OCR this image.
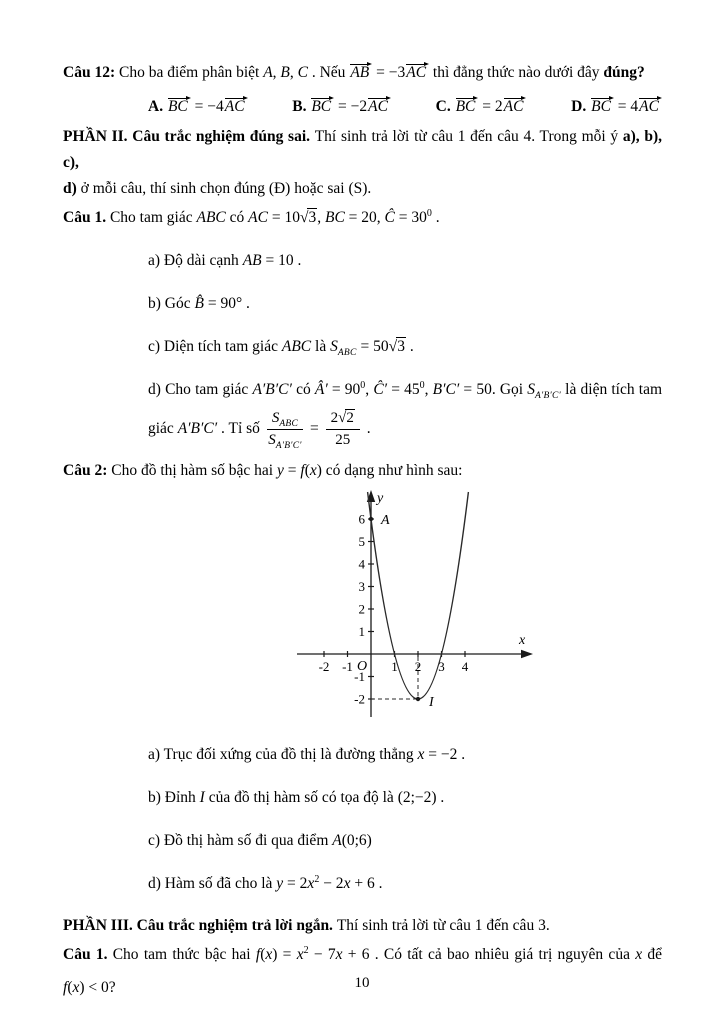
Câu 12: Cho ba điểm phân biệt A, B, C . Nếu AB = −3AC thì đẳng thức nào dưới đây đúng?

A. BC = −4AC	B. BC = −2AC	C. BC = 2AC	D. BC = 4AC

PHẦN II. Câu trắc nghiệm đúng sai. Thí sinh trả lời từ câu 1 đến câu 4. Trong mỗi ý a), b), c),

d) ở mỗi câu, thí sinh chọn đúng (Đ) hoặc sai (S).

Câu 1. Cho tam giác ABC có AC = 10√3, BC = 20, Ĉ = $30^0$ .

a) Độ dài cạnh AB = 10 .

b) Góc B̂ = 90° .

c) Diện tích tam giác ABC là $S_{ABC} = 50√3$ .

d) Cho tam giác A′B′C′ có Â′ = $90^0$, Ĉ′ = $45^0$, B′C′ = 50. Gọi $S_{A'B'C'}$ là diện tích tam

giác A′B′C′ . Tỉ số $\frac{S_{ABC}}{S_{A'B'C'}} = \frac{2√2}{25}$ .

Câu 2: Cho đồ thị hàm số bậc hai y = f(x) có dạng như hình sau:

y
x
A
I
O
-2 -1	1 2 3 4
6
5
4
3
2
1
-1
-2

a) Trục đối xứng của đồ thị là đường thẳng x = −2 .

b) Đỉnh I của đồ thị hàm số có tọa độ là (2;−2) .

c) Đồ thị hàm số đi qua điểm A(0;6)

d) Hàm số đã cho là $y = 2x^2 - 2x + 6$ .

PHẦN III. Câu trắc nghiệm trả lời ngắn. Thí sinh trả lời từ câu 1 đến câu 3.

Câu 1. Cho tam thức bậc hai $f(x) = x^2 - 7x + 6$ . Có tất cả bao nhiêu giá trị nguyên của x để

f(x) < 0?	10
